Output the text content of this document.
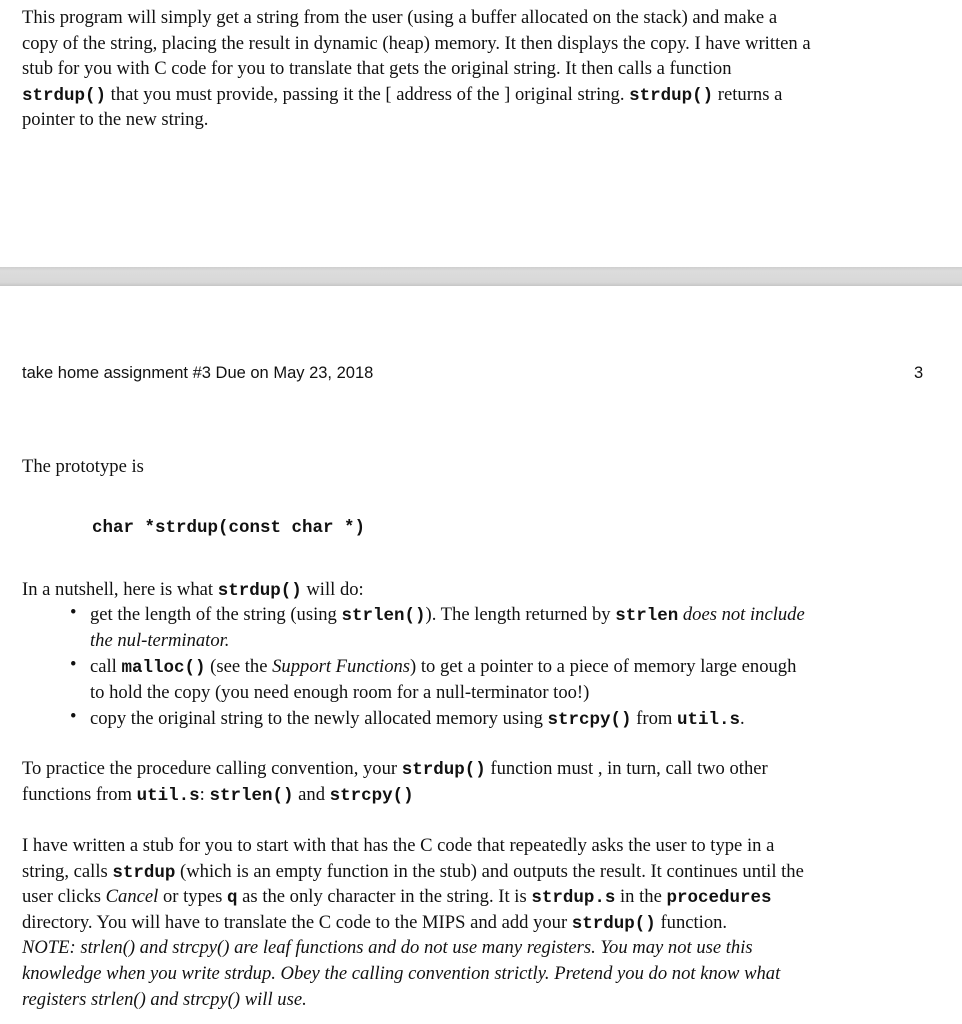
This program will simply get a string from the user (using a buffer allocated on the stack) and make a
copy of the string, placing the result in dynamic (heap) memory. It then displays the copy. I have written a
stub for you with C code for you to translate that gets the original string. It then calls a function
strdup() that you must provide, passing it the [ address of the ] original string. strdup() returns a
pointer to the new string.
take home assignment #3 Due on May 23, 2018	3
The prototype is
char *strdup(const char *)
In a nutshell, here is what strdup() will do:
• get the length of the string (using strlen()). The length returned by strlen does not include
the nul-terminator.
• call malloc() (see the Support Functions) to get a pointer to a piece of memory large enough
to hold the copy (you need enough room for a null-terminator too!)
• copy the original string to the newly allocated memory using strcpy() from util.s.
To practice the procedure calling convention, your strdup() function must , in turn, call two other
functions from util.s: strlen() and strcpy()
I have written a stub for you to start with that has the C code that repeatedly asks the user to type in a
string, calls strdup (which is an empty function in the stub) and outputs the result. It continues until the
user clicks Cancel or types q as the only character in the string. It is strdup.s in the procedures
directory. You will have to translate the C code to the MIPS and add your strdup() function.
NOTE: strlen() and strcpy() are leaf functions and do not use many registers. You may not use this
knowledge when you write strdup. Obey the calling convention strictly. Pretend you do not know what
registers strlen() and strcpy() will use.
